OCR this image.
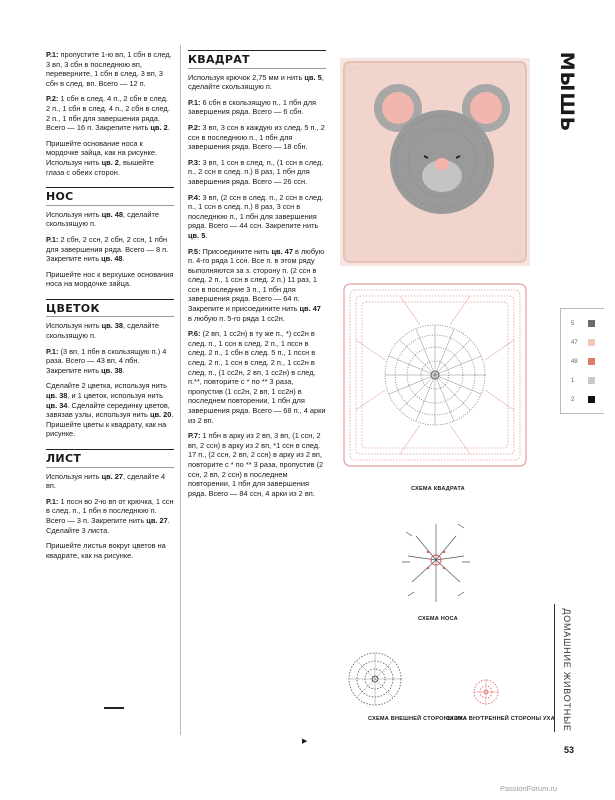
Р.1: пропустите 1-ю вп, 1 сбн в след. 3 вп, 3 сбн в последнюю вп, переверните, 1 сбн в след. 3 вп, 3 сбн в след. вп. Всего — 12 п.

Р.2: 1 сбн в след. 4 п., 2 сбн в след. 2 п., 1 сбн в след. 4 п., 2 сбн в след. 2 п., 1 пбн для завершения ряда. Всего — 16 п. Закрепите нить цв. 2.

Пришейте основание носа к мордочке зайца, как на рисунке. Используя нить цв. 2, вышейте глаза с обеих сторон.

НОС

Используя нить цв. 48, сделайте скользящую п.

Р.1: 2 сбн, 2 ссн, 2 сбн, 2 ссн, 1 пбн для завершения ряда. Всего — 8 п. Закрепите нить цв. 48.

Пришейте нос к верхушке основания носа на мордочке зайца.

ЦВЕТОК

Используя нить цв. 38, сделайте скользящую п.

Р.1: (3 вп, 1 пбн в скользящую п.) 4 раза. Всего — 43 вп, 4 пбн. Закрепите нить цв. 38.

Сделайте 2 цветка, используя нить цв. 38, и 1 цветок, используя нить цв. 34. Сделайте серединку цветов, завязав узлы, используя нить цв. 20. Пришейте цветы к квадрату, как на рисунке.

ЛИСТ

Используя нить цв. 27, сделайте 4 вп.

Р.1: 1 пссн во 2-ю вп от крючка, 1 ссн в след. п., 1 пбн в последнюю п. Всего — 3 п. Закрепите нить цв. 27. Сделайте 3 листа.

Пришейте листья вокруг цветов на квадрате, как на рисунке.

КВАДРАТ

Используя крючок 2,75 мм и нить цв. 5, сделайте скользящую п.

Р.1: 6 сбн в скользящую п., 1 пбн для завершения ряда. Всего — 6 сбн.

Р.2: 3 вп, 3 ссн в каждую из след. 5 п., 2 ссн в последнюю п., 1 пбн для завершения ряда. Всего — 18 сбн.

Р.3: 3 вп, 1 ссн в след. п., (1 ссн в след. п., 2 ссн в след. п.) 8 раз, 1 пбн для завершения ряда. Всего — 26 ссн.

Р.4: 3 вп, (2 ссн в след. п., 2 ссн в след. п., 1 ссн в след. п.) 8 раз, 3 ссн в последнюю п., 1 пбн для завершения ряда. Всего — 44 ссн. Закрепите нить цв. 5.

Р.5: Присоедините нить цв. 47 в любую п. 4-го ряда 1 ссн. Все п. в этом ряду выполняются за з. сторону п. (2 ссн в след. 2 п., 1 ссн в след. 2 п.) 11 раз, 1 ссн в последние 3 п., 1 пбн для завершения ряда. Всего — 64 п. Закрепите и присоедините нить цв. 47 в любую п. 5-го ряда 1 сс2н.

Р.6: (2 вп, 1 сс2н) в ту же п., *) сс2н в след. п., 1 ссн в след. 2 п., 1 пссн в след. 2 п., 1 сбн в след. 5 п., 1 пссн в след. 2 п., 1 ссн в след. 2 п., 1 сс2н в след. п., (1 сс2н, 2 вп, 1 сс2н) в след. п.**, повторите с * по ** 3 раза, пропустив (1 сс2н, 2 вп, 1 сс2н) в последнем повторении, 1 пбн для завершения ряда. Всего — 68 п., 4 арки из 2 вп.

Р.7: 1 пбн в арку из 2 вп, 3 вп, (1 ссн, 2 вп, 2 ссн) в арку из 2 вп, *1 ссн в след. 17 п., (2 ссн, 2 вп, 2 ссн) в арку из 2 вп, повторите с * по ** 3 раза, пропустив (2 ссн, 2 вп, 2 ссн) в последнем повторении, 1 пбн для завершения ряда. Всего — 84 ссн, 4 арки из 2 вп.

▶
СХЕМА КВАДРАТА
СХЕМА НОСА
СХЕМА ВНЕШНЕЙ СТОРОНЫ УХА
СХЕМА ВНУТРЕННЕЙ СТОРОНЫ УХА
МЫШЬ
5
47
48
1
2
ДОМАШНИЕ ЖИВОТНЫЕ
53
PassionForum.ru
